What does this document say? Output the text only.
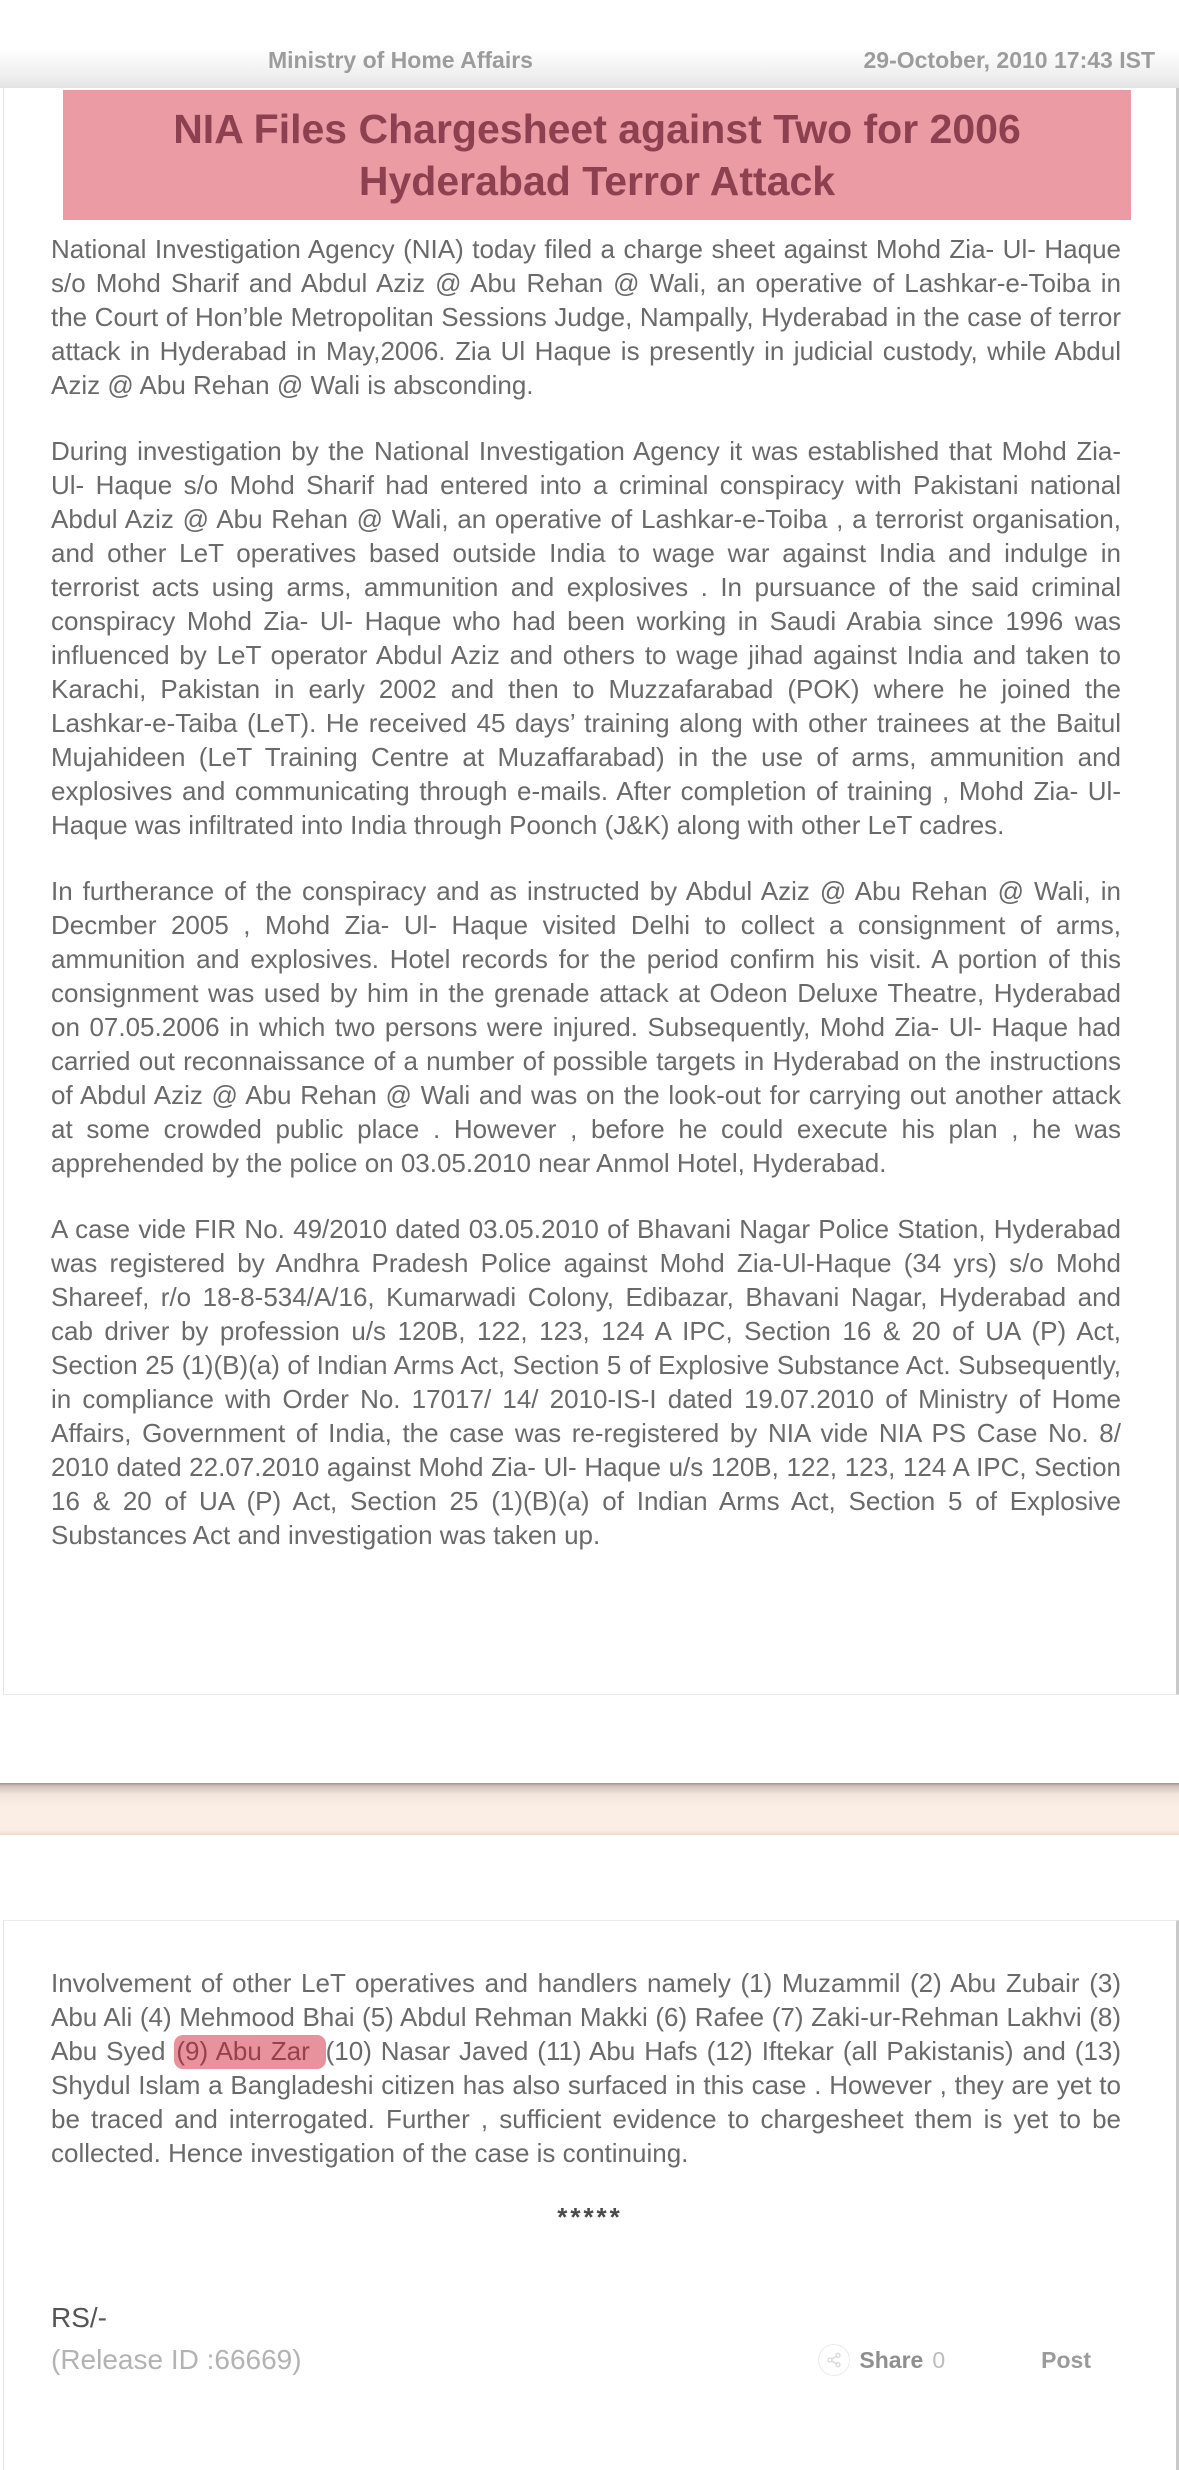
Ministry of Home Affairs	29-October, 2010 17:43 IST
NIA Files Chargesheet against Two for 2006 Hyderabad Terror Attack

National Investigation Agency (NIA) today filed a charge sheet against Mohd Zia- Ul- Haque s/o Mohd Sharif and Abdul Aziz @ Abu Rehan @ Wali, an operative of Lashkar-e-Toiba in the Court of Hon’ble Metropolitan Sessions Judge, Nampally, Hyderabad in the case of terror attack in Hyderabad in May,2006. Zia Ul Haque is presently in judicial custody, while Abdul Aziz @ Abu Rehan @ Wali is absconding.

During investigation by the National Investigation Agency it was established that Mohd Zia- Ul- Haque s/o Mohd Sharif had entered into a criminal conspiracy with Pakistani national Abdul Aziz @ Abu Rehan @ Wali, an operative of Lashkar-e-Toiba , a terrorist organisation, and other LeT operatives based outside India to wage war against India and indulge in terrorist acts using arms, ammunition and explosives . In pursuance of the said criminal conspiracy Mohd Zia- Ul- Haque who had been working in Saudi Arabia since 1996 was influenced by LeT operator Abdul Aziz and others to wage jihad against India and taken to Karachi, Pakistan in early 2002 and then to Muzzafarabad (POK) where he joined the Lashkar-e-Taiba (LeT). He received 45 days’ training along with other trainees at the Baitul Mujahideen (LeT Training Centre at Muzaffarabad) in the use of arms, ammunition and explosives and communicating through e-mails. After completion of training , Mohd Zia- Ul- Haque was infiltrated into India through Poonch (J&K) along with other LeT cadres.

In furtherance of the conspiracy and as instructed by Abdul Aziz @ Abu Rehan @ Wali, in Decmber 2005 , Mohd Zia- Ul- Haque visited Delhi to collect a consignment of arms, ammunition and explosives. Hotel records for the period confirm his visit. A portion of this consignment was used by him in the grenade attack at Odeon Deluxe Theatre, Hyderabad on 07.05.2006 in which two persons were injured. Subsequently, Mohd Zia- Ul- Haque had carried out reconnaissance of a number of possible targets in Hyderabad on the instructions of Abdul Aziz @ Abu Rehan @ Wali and was on the look-out for carrying out another attack at some crowded public place . However , before he could execute his plan , he was apprehended by the police on 03.05.2010 near Anmol Hotel, Hyderabad.

A case vide FIR No. 49/2010 dated 03.05.2010 of Bhavani Nagar Police Station, Hyderabad was registered by Andhra Pradesh Police against Mohd Zia-Ul-Haque (34 yrs) s/o Mohd Shareef, r/o 18-8-534/A/16, Kumarwadi Colony, Edibazar, Bhavani Nagar, Hyderabad and cab driver by profession u/s 120B, 122, 123, 124 A IPC, Section 16 & 20 of UA (P) Act, Section 25 (1)(B)(a) of Indian Arms Act, Section 5 of Explosive Substance Act. Subsequently, in compliance with Order No. 17017/ 14/ 2010-IS-I dated 19.07.2010 of Ministry of Home Affairs, Government of India, the case was re-registered by NIA vide NIA PS Case No. 8/ 2010 dated 22.07.2010 against Mohd Zia- Ul- Haque u/s 120B, 122, 123, 124 A IPC, Section 16 & 20 of UA (P) Act, Section 25 (1)(B)(a) of Indian Arms Act, Section 5 of Explosive Substances Act and investigation was taken up.

Involvement of other LeT operatives and handlers namely (1) Muzammil (2) Abu Zubair (3) Abu Ali (4) Mehmood Bhai (5) Abdul Rehman Makki (6) Rafee (7) Zaki-ur-Rehman Lakhvi (8) Abu Syed (9) Abu Zar (10) Nasar Javed (11) Abu Hafs (12) Iftekar (all Pakistanis) and (13) Shydul Islam a Bangladeshi citizen has also surfaced in this case . However , they are yet to be traced and interrogated. Further , sufficient evidence to chargesheet them is yet to be collected. Hence investigation of the case is continuing.

*****
RS/-
(Release ID :66669)	Share 0	Post
